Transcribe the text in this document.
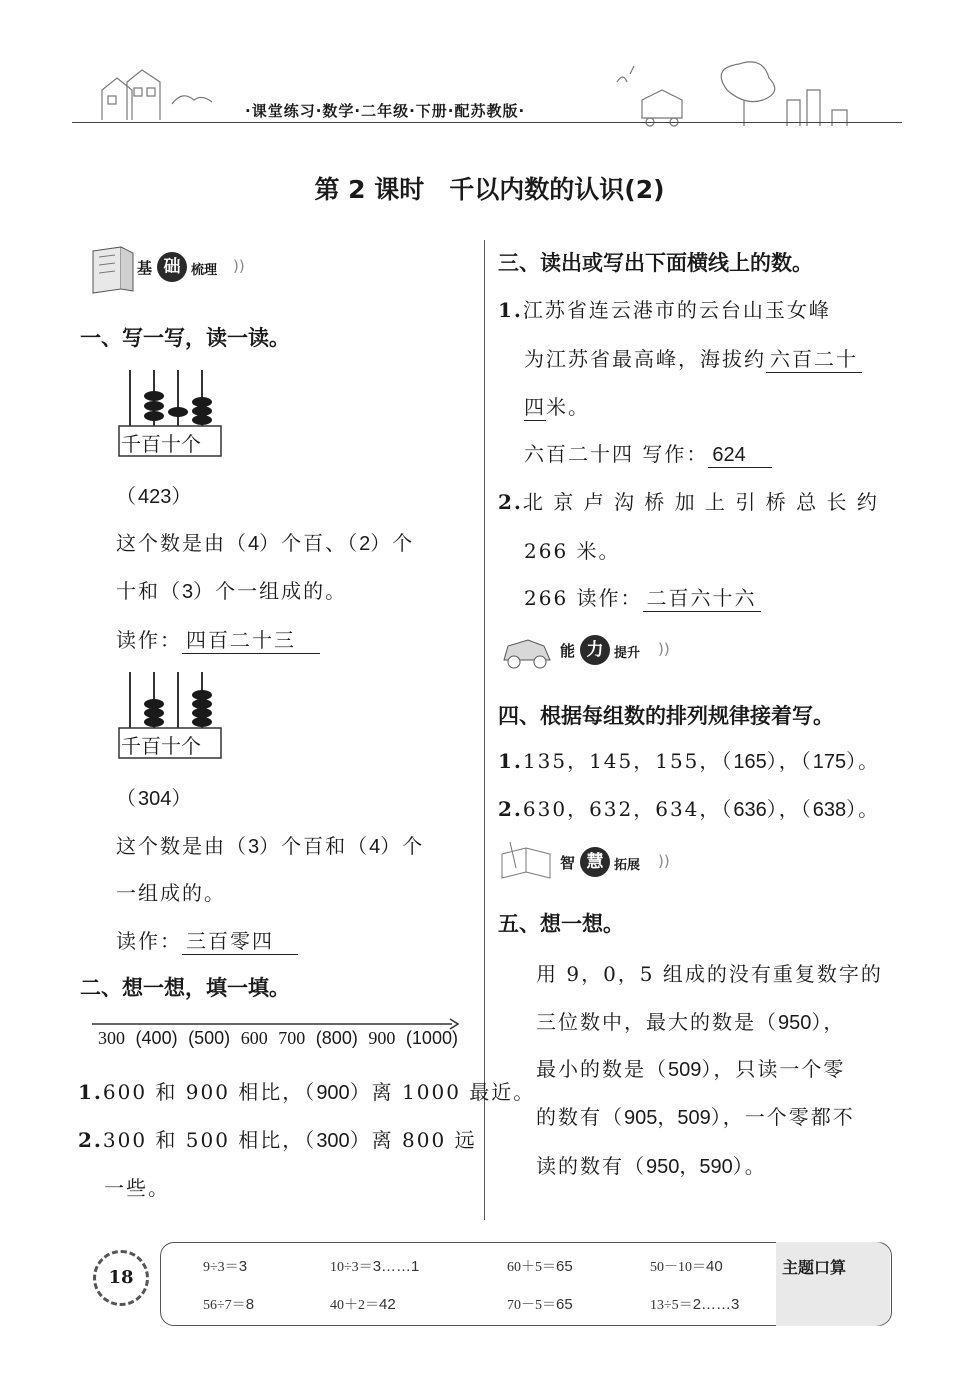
·课堂练习·数学·二年级·下册·配苏教版·
第 2 课时　千以内数的认识(2)
基 础 梳理 ))
一、写一写，读一读。
千百十个
（423）
这个数是由（4）个百、（2）个
十和（3）个一组成的。
读作： 四百二十三
千百十个
（304）
这个数是由（3）个百和（4）个
一组成的。
读作： 三百零四
二、想一想，填一填。
300 (400) (500) 600 700 (800) 900 (1000)
1.600 和 900 相比，（900）离 1000 最近。
2.300 和 500 相比，（300）离 800 远
一些。
三、读出或写出下面横线上的数。
1.江苏省连云港市的云台山玉女峰
为江苏省最高峰，海拔约 六百二十
四米。
六百二十四 写作： 624
2.北 京 卢 沟 桥 加 上 引 桥 总 长 约
266 米。
266 读作： 二百六十六
能 力 提升 ))
四、根据每组数的排列规律接着写。
1.135，145，155，（165），（175）。
2.630，632，634，（636），（638）。
智 慧 拓展 ))
五、想一想。
用 9，0，5 组成的没有重复数字的
三位数中，最大的数是（950），
最小的数是（509），只读一个零
的数有（905，509），一个零都不
读的数有（950，590）。
18	主题口算
9÷3＝3	10÷3＝3……1	60＋5＝65	50－10＝40
56÷7＝8	40＋2＝42	70－5＝65	13÷5＝2……3
